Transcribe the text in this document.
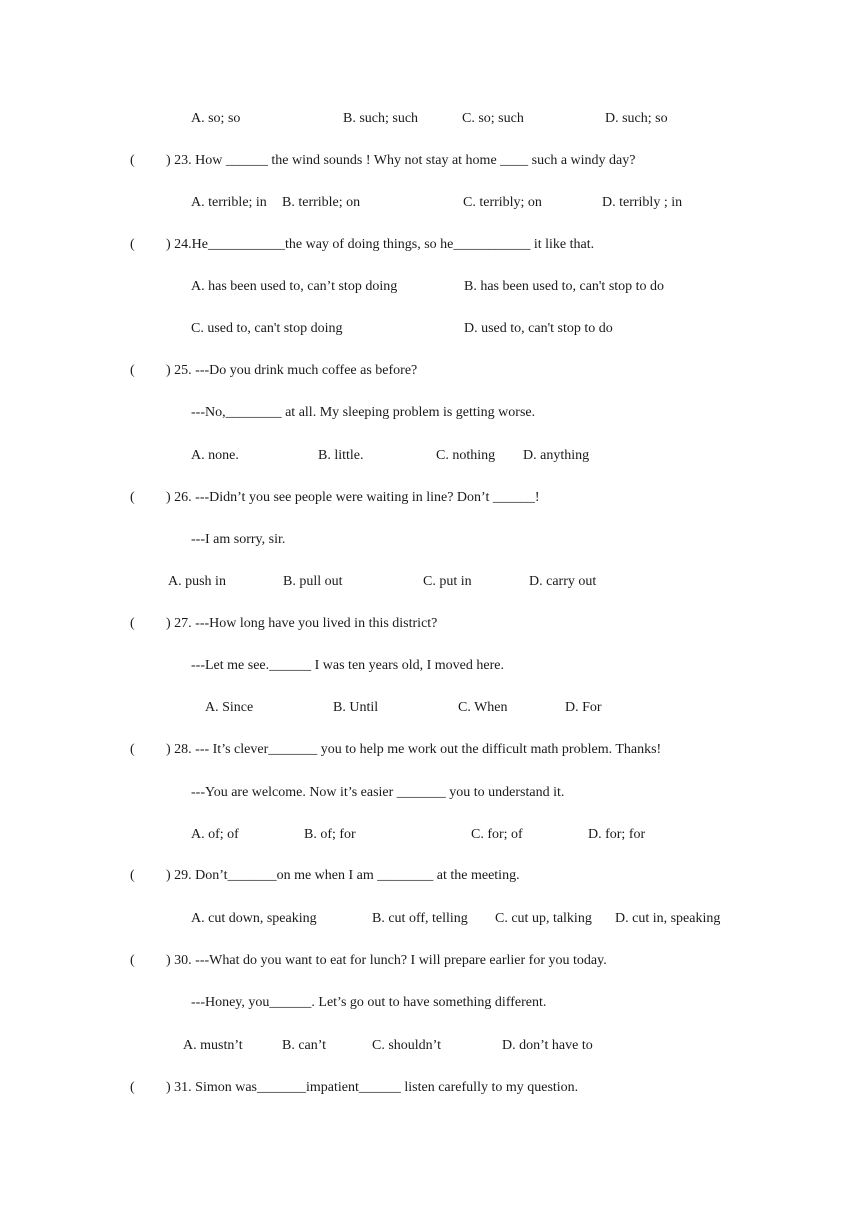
A. so; so	B. such; such	C. so; such	D. such; so
( ) 23. How ______ the wind sounds ! Why not stay at home ____ such a windy day?
A. terrible; in B. terrible; on	C. terribly; on	D. terribly ; in
( ) 24.He___________the way of doing things, so he___________ it like that.
A. has been used to, can’t stop doing	B. has been used to, can't stop to do
C. used to, can't stop doing	D. used to, can't stop to do
( ) 25. ---Do you drink much coffee as before?
---No,________ at all. My sleeping problem is getting worse.
A. none.	B. little.	C. nothing D. anything
( ) 26. ---Didn’t you see people were waiting in line? Don’t ______!
---I am sorry, sir.
A. push in	B. pull out	C. put in	D. carry out
( ) 27. ---How long have you lived in this district?
---Let me see.______ I was ten years old, I moved here.
A. Since	B. Until	C. When	D. For
( ) 28. --- It’s clever_______ you to help me work out the difficult math problem. Thanks!
---You are welcome. Now it’s easier _______ you to understand it.
A. of; of	B. of; for	C. for; of	D. for; for
( ) 29. Don’t_______on me when I am ________ at the meeting.
A. cut down, speaking	B. cut off, telling C. cut up, talking D. cut in, speaking
( ) 30. ---What do you want to eat for lunch? I will prepare earlier for you today.
---Honey, you______. Let’s go out to have something different.
A. mustn’t	B. can’t	C. shouldn’t	D. don’t have to
( ) 31. Simon was_______impatient______ listen carefully to my question.
